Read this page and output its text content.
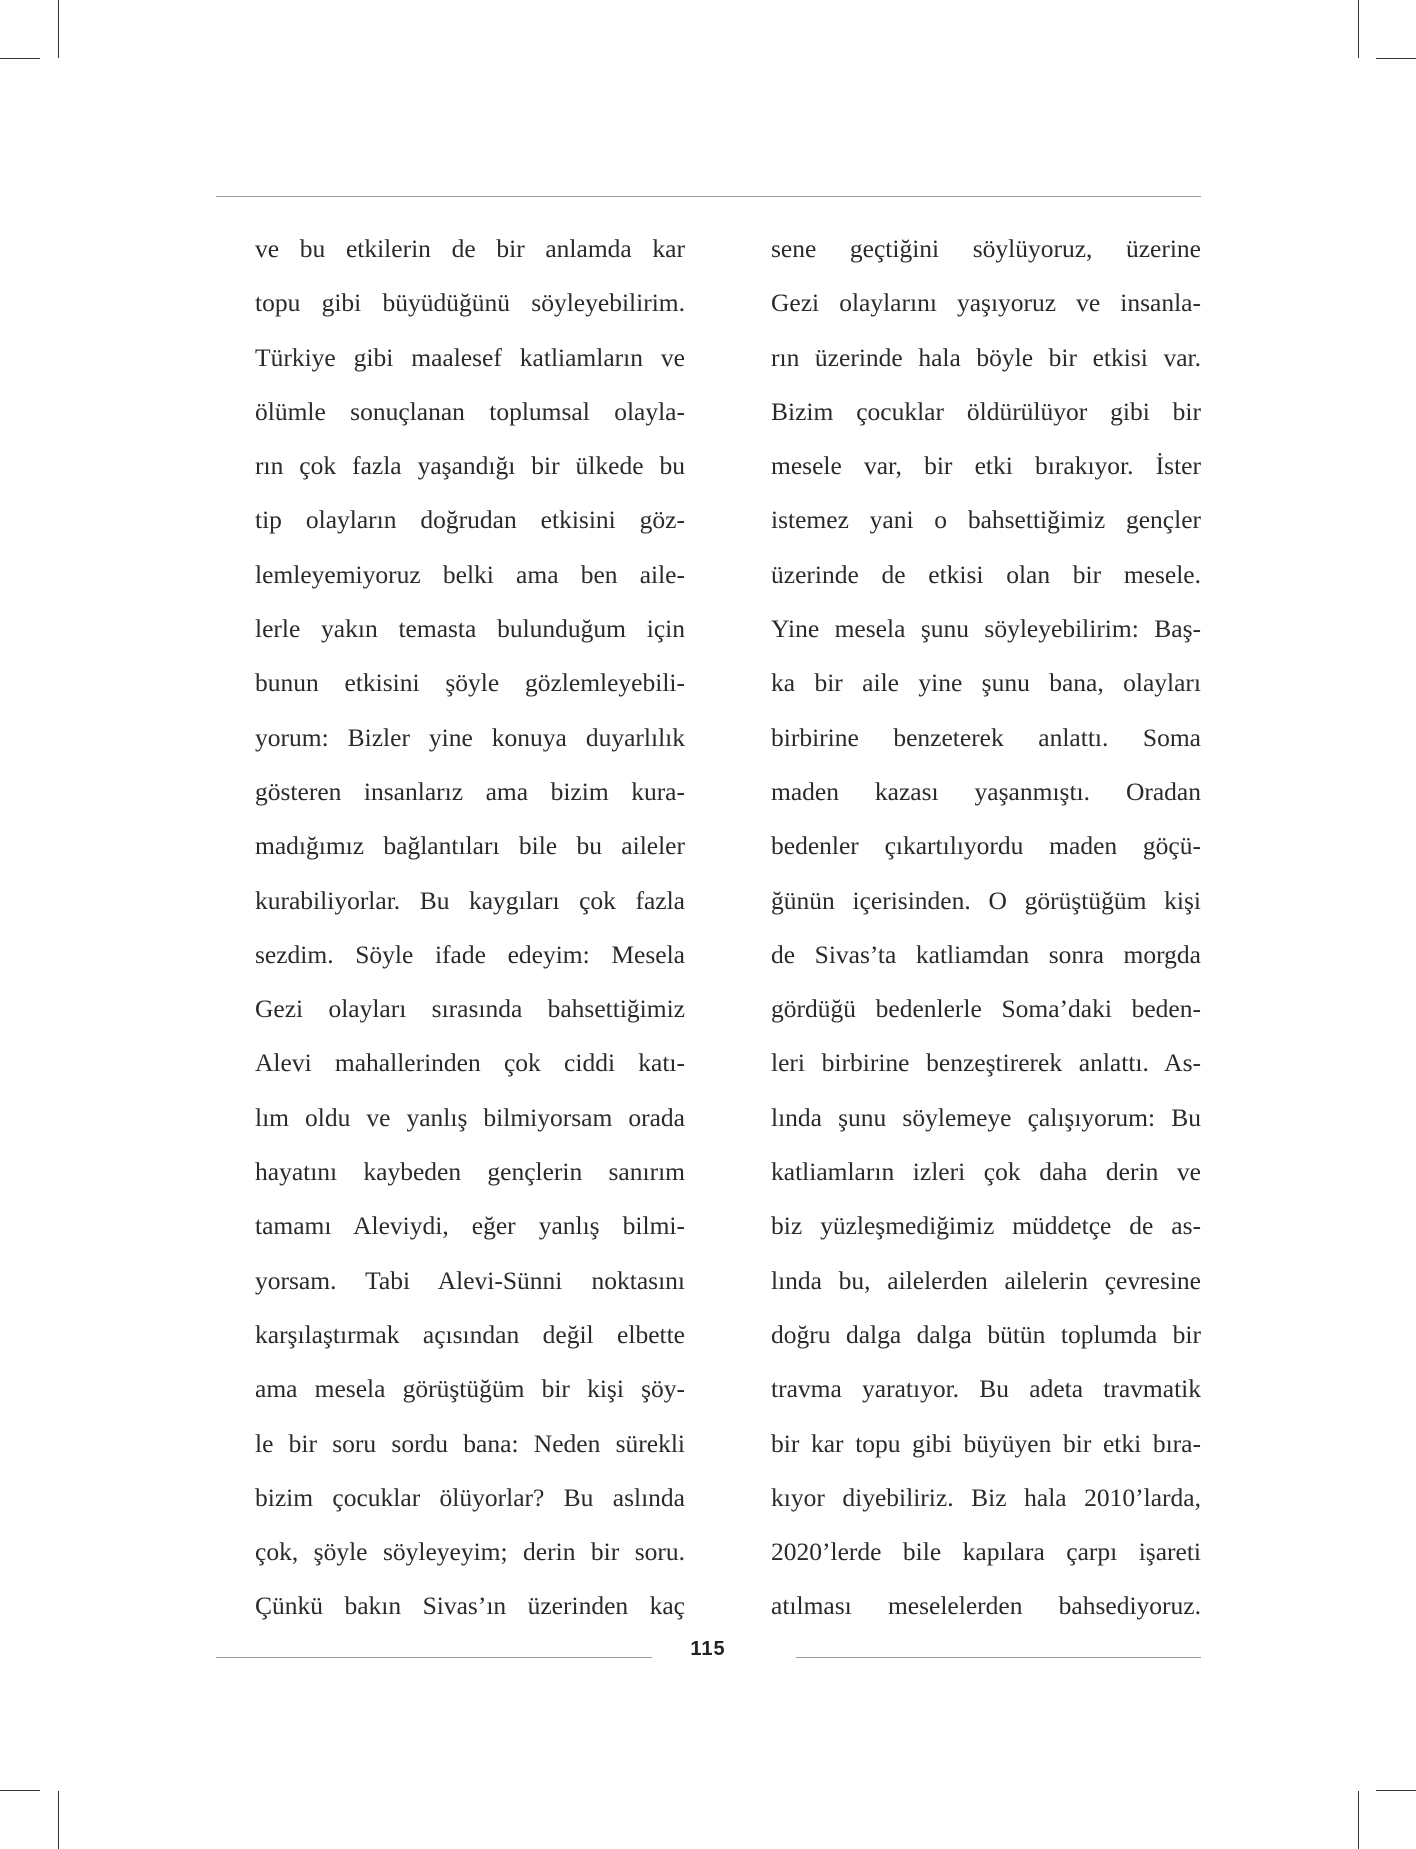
ve bu etkilerin de bir anlamda kar
topu gibi büyüdüğünü söyleyebilirim.
Türkiye gibi maalesef katliamların ve
ölümle sonuçlanan toplumsal olayla-
rın çok fazla yaşandığı bir ülkede bu
tip olayların doğrudan etkisini göz-
lemleyemiyoruz belki ama ben aile-
lerle yakın temasta bulunduğum için
bunun etkisini şöyle gözlemleyebili-
yorum: Bizler yine konuya duyarlılık
gösteren insanlarız ama bizim kura-
madığımız bağlantıları bile bu aileler
kurabiliyorlar. Bu kaygıları çok fazla
sezdim. Söyle ifade edeyim: Mesela
Gezi olayları sırasında bahsettiğimiz
Alevi mahallerinden çok ciddi katı-
lım oldu ve yanlış bilmiyorsam orada
hayatını kaybeden gençlerin sanırım
tamamı Aleviydi, eğer yanlış bilmi-
yorsam. Tabi Alevi-Sünni noktasını
karşılaştırmak açısından değil elbette
ama mesela görüştüğüm bir kişi şöy-
le bir soru sordu bana: Neden sürekli
bizim çocuklar ölüyorlar? Bu aslında
çok, şöyle söyleyeyim; derin bir soru.
Çünkü bakın Sivas’ın üzerinden kaç
sene geçtiğini söylüyoruz, üzerine
Gezi olaylarını yaşıyoruz ve insanla-
rın üzerinde hala böyle bir etkisi var.
Bizim çocuklar öldürülüyor gibi bir
mesele var, bir etki bırakıyor. İster
istemez yani o bahsettiğimiz gençler
üzerinde de etkisi olan bir mesele.
Yine mesela şunu söyleyebilirim: Baş-
ka bir aile yine şunu bana, olayları
birbirine benzeterek anlattı. Soma
maden kazası yaşanmıştı. Oradan
bedenler çıkartılıyordu maden göçü-
ğünün içerisinden. O görüştüğüm kişi
de Sivas’ta katliamdan sonra morgda
gördüğü bedenlerle Soma’daki beden-
leri birbirine benzeştirerek anlattı. As-
lında şunu söylemeye çalışıyorum: Bu
katliamların izleri çok daha derin ve
biz yüzleşmediğimiz müddetçe de as-
lında bu, ailelerden ailelerin çevresine
doğru dalga dalga bütün toplumda bir
travma yaratıyor. Bu adeta travmatik
bir kar topu gibi büyüyen bir etki bıra-
kıyor diyebiliriz. Biz hala 2010’larda,
2020’lerde bile kapılara çarpı işareti
atılması meselelerden bahsediyoruz.
115
